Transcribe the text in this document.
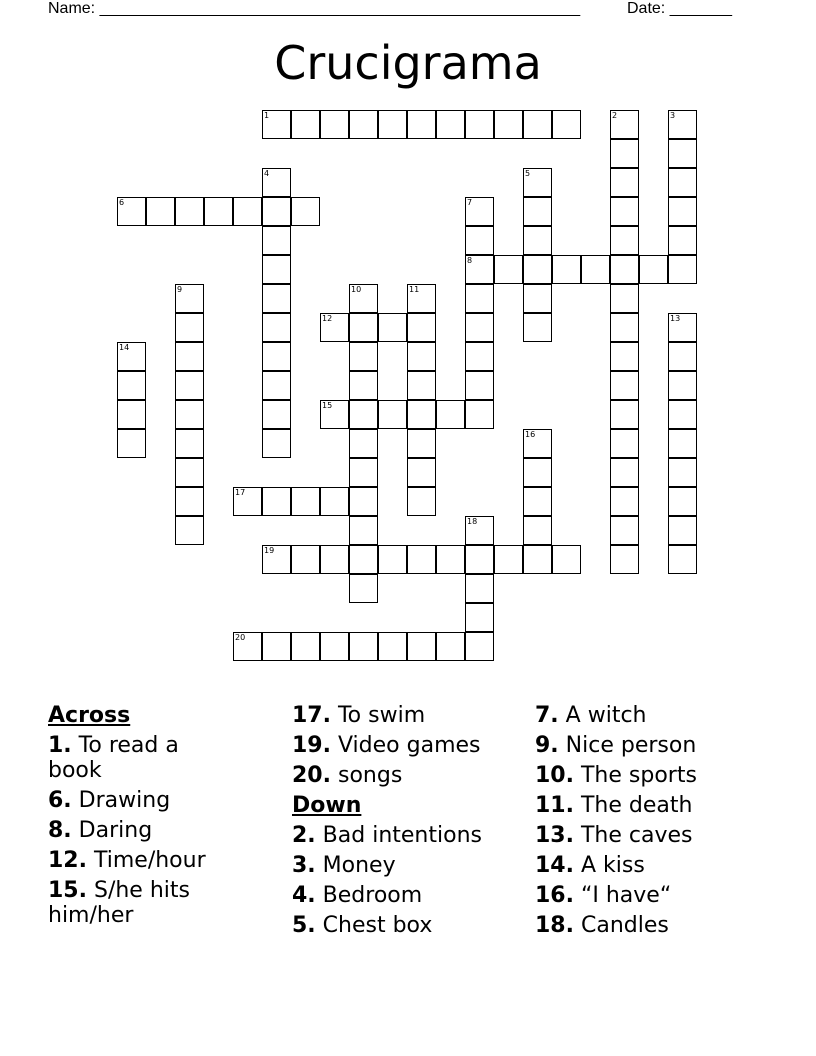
Name: ______________________________________________________	Date: _______
Crucigrama
1	2	3
4	5
6	7
8
9	10	11
12	13
14
15
16
17
18
19
20
Across
1. To read a book
6. Drawing
8. Daring
12. Time/hour
15. S/he hits him/her
17. To swim
19. Video games
20. songs
Down
2. Bad intentions
3. Money
4. Bedroom
5. Chest box
7. A witch
9. Nice person
10. The sports
11. The death
13. The caves
14. A kiss
16. “I have“
18. Candles
